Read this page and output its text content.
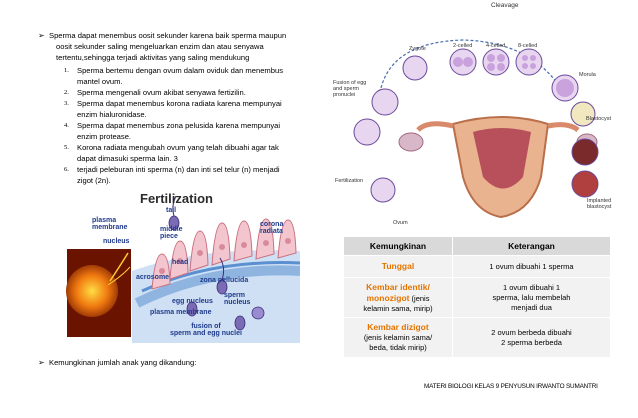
➢ Sperma dapat menembus oosit sekunder karena baik sperma maupun
oosit sekunder saling mengeluarkan enzim dan atau senyawa
tertentu,sehingga terjadi aktivitas yang saling mendukung
1.	Sperma bertemu dengan ovum dalam oviduk dan menembus
mantel ovum.
2.	Sperma mengenali ovum akibat senyawa fertizilin.
3.	Sperma dapat menembus korona radiata karena mempunyai
enzim hialuronidase.
4.	Sperma dapat menembus zona pelusida karena mempunyai
enzim protease.
5.	Korona radiata mengubah ovum yang telah dibuahi agar tak
dapat dimasuki sperma lain. 3
6.	terjadi peleburan inti sperma (n) dan inti sel telur (n) menjadi
zigot (2n).
➢ Kemungkinan jumlah anak yang dikandung:
Fertilization
tail
plasma
membrane	middle
piece
nucleus
corona
radiata
head
acrosome	zona pellucida
sperm
nucleus
egg nucleus
plasma membrane
fusion of
sperm and egg nuclei
Cleavage
Zygote	2-celled 4-celled 8-celled
Morula
Fusion of egg
and sperm
pronuclei
Blastocyst
Fertilization
Ovum
Implanted
blastocyst
Kemungkinan	Keterangan
Tunggal	1 ovum dibuahi 1 sperma
Kembar identik/
monozigot (jenis
kelamin sama, mirip)	1 ovum dibuahi 1
sperma, lalu membelah
menjadi dua
Kembar dizigot
(jenis kelamin sama/
beda, tidak mirip)	2 ovum berbeda dibuahi
2 sperma berbeda
MATERI BIOLOGI KELAS 9 PENYUSUN IRWANTO SUMANTRI
